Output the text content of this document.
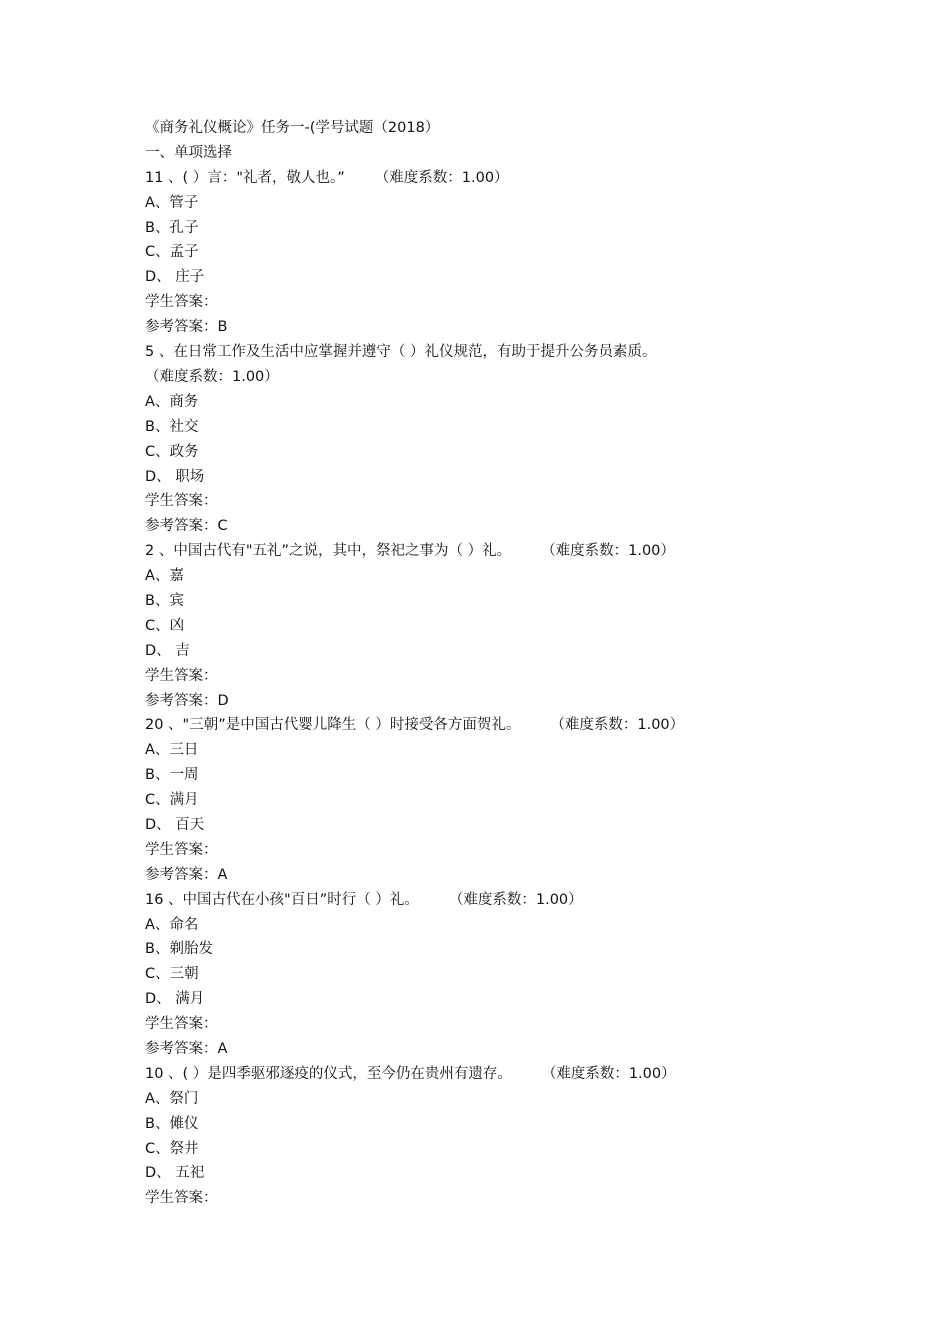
《商务礼仪概论》任务一-(学号试题（2018）
一、单项选择
11 、( ）言："礼者，敬人也。” （难度系数：1.00）
A、管子
B、孔子
C、孟子
D、 庄子
学生答案：
参考答案：B
5 、在日常工作及生活中应掌握并遵守（ ）礼仪规范，有助于提升公务员素质。（难度系数：1.00）
A、商务
B、社交
C、政务
D、 职场
学生答案：
参考答案：C
2 、中国古代有"五礼”之说，其中，祭祀之事为（ ）礼。 （难度系数：1.00）
A、嘉
B、宾
C、凶
D、 吉
学生答案：
参考答案：D
20 、"三朝”是中国古代婴儿降生（ ）时接受各方面贺礼。 （难度系数：1.00）
A、三日
B、一周
C、满月
D、 百天
学生答案：
参考答案：A
16 、中国古代在小孩"百日”时行（ ）礼。 （难度系数：1.00）
A、命名
B、剃胎发
C、三朝
D、 满月
学生答案：
参考答案：A
10 、( ）是四季驱邪逐疫的仪式，至今仍在贵州有遗存。 （难度系数：1.00）
A、祭门
B、傩仪
C、祭井
D、 五祀
学生答案：
